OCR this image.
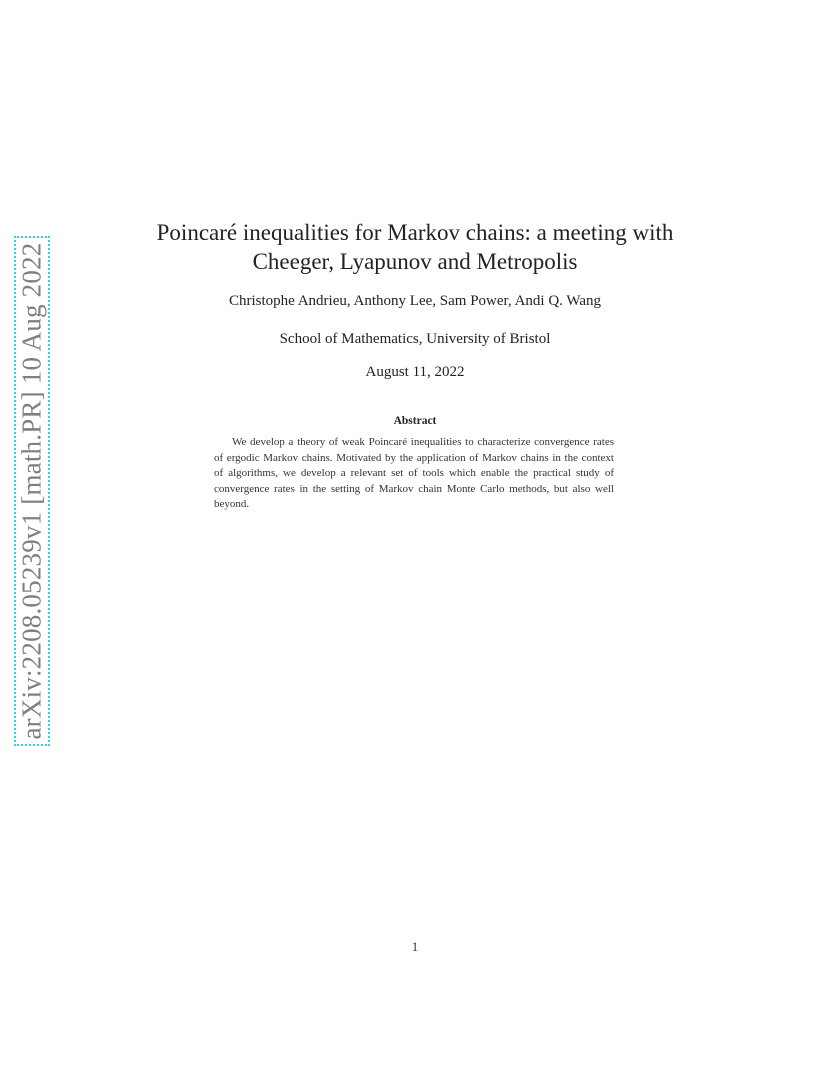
arXiv:2208.05239v1 [math.PR] 10 Aug 2022
Poincaré inequalities for Markov chains: a meeting with Cheeger, Lyapunov and Metropolis
Christophe Andrieu, Anthony Lee, Sam Power, Andi Q. Wang
School of Mathematics, University of Bristol
August 11, 2022
Abstract
We develop a theory of weak Poincaré inequalities to characterize convergence rates of ergodic Markov chains. Motivated by the application of Markov chains in the context of algorithms, we develop a relevant set of tools which enable the practical study of convergence rates in the setting of Markov chain Monte Carlo methods, but also well beyond.
1
